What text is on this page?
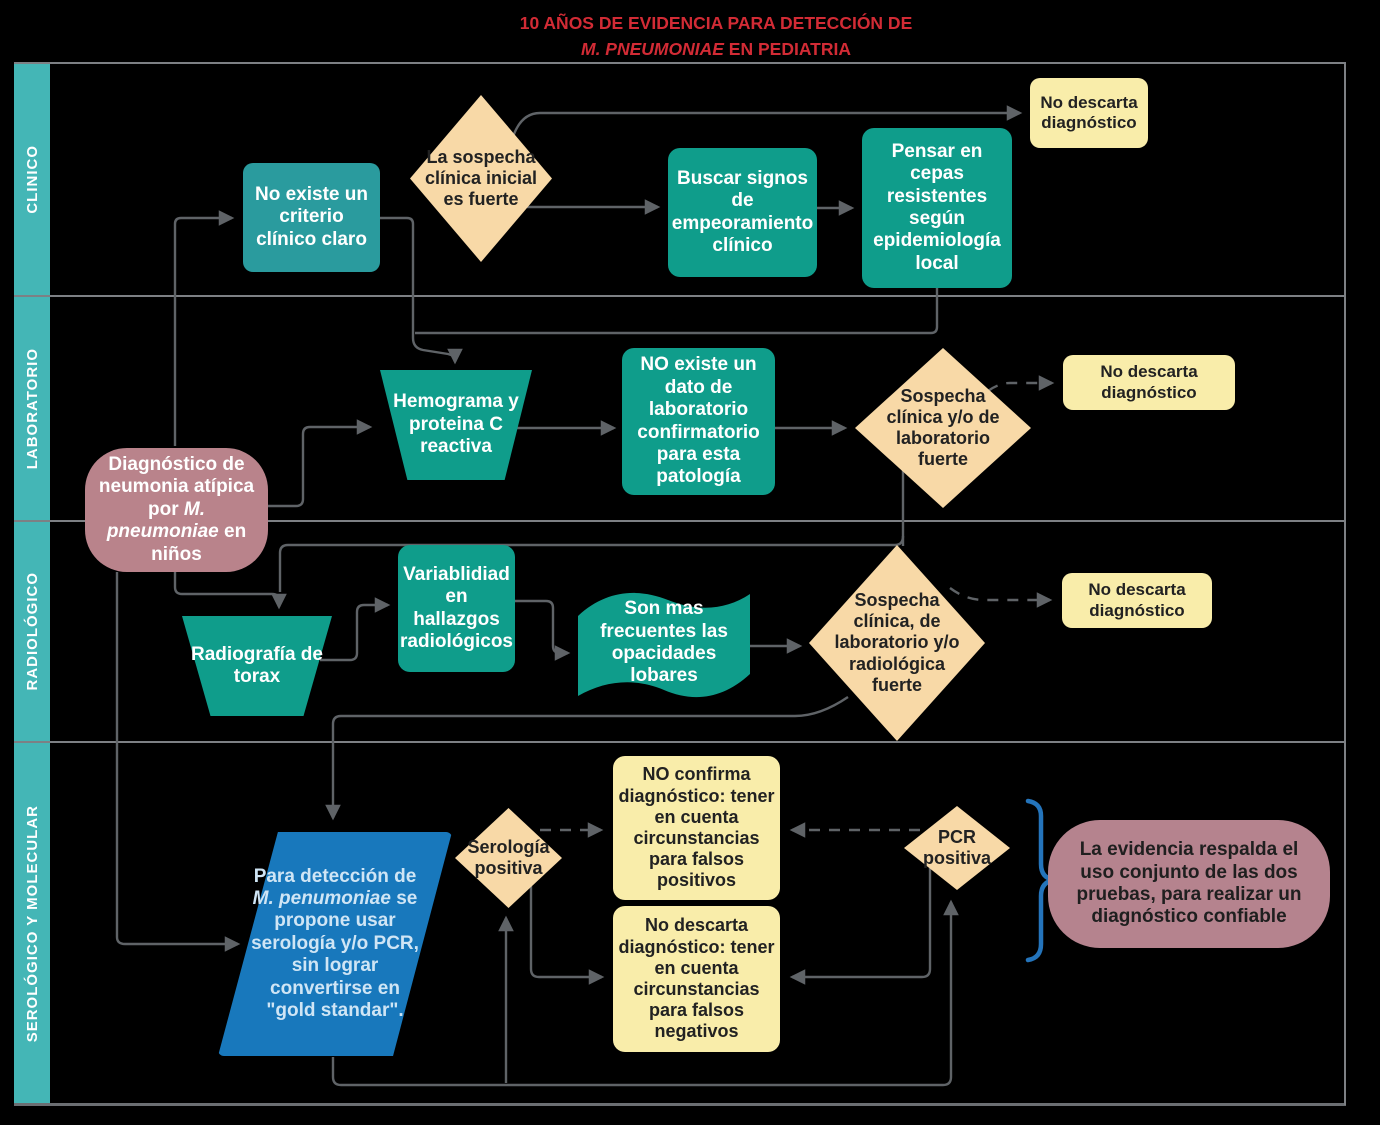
10 AÑOS DE EVIDENCIA PARA DETECCIÓN DE
M. PNEUMONIAE EN PEDIATRIA
CLINICO
LABORATORIO
RADIOLÓGICO
SEROLÓGICO Y MOLECULAR
No existe un criterio clínico claro
La sospecha clínica inicial es fuerte
Buscar signos de empeoramiento clínico
Pensar en cepas resistentes según epidemiología local
No descarta diagnóstico
Diagnóstico de neumonia atípica por M. pneumoniae en niños
Hemograma y proteina C reactiva
NO existe un dato de laboratorio confirmatorio para esta patología
Sospecha clínica y/o de laboratorio fuerte
No descarta diagnóstico
Radiografía de torax
Variablidiad en hallazgos radiológicos
Son mas frecuentes las opacidades lobares
Sospecha clínica, de laboratorio y/o radiológica fuerte
No descarta diagnóstico
Para detección de M. penumoniae se propone usar serología y/o PCR, sin lograr convertirse en "gold standar".
Serología positiva
NO confirma diagnóstico: tener en cuenta circunstancias para falsos positivos
No descarta diagnóstico: tener en cuenta circunstancias para falsos negativos
PCR positiva	La evidencia respalda el uso conjunto de las dos pruebas, para realizar un diagnóstico confiable
